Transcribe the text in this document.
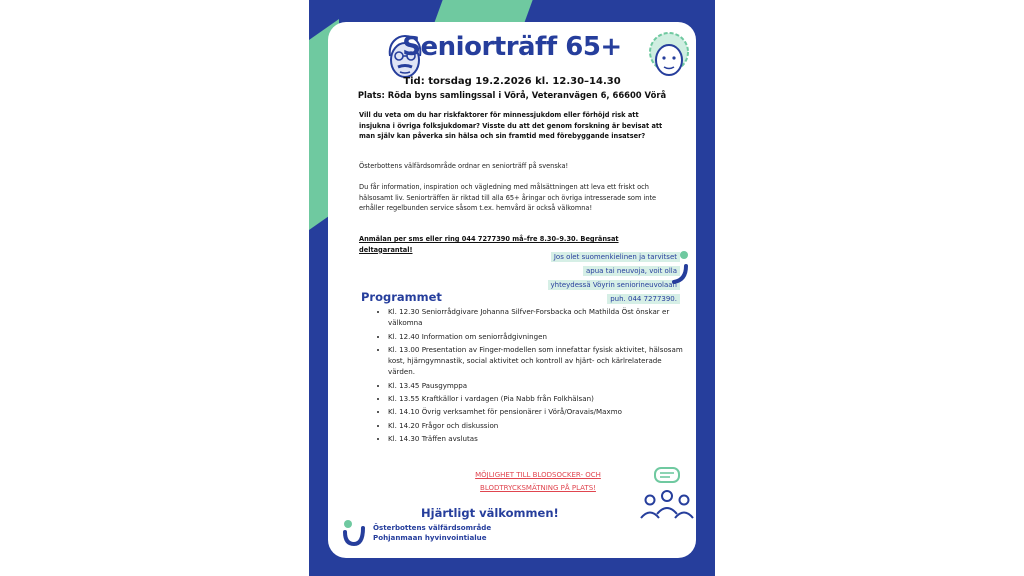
Seniorträff 65+
Tid: torsdag 19.2.2026 kl. 12.30–14.30
Plats: Röda byns samlingssal i Vörå, Veteranvägen 6, 66600 Vörå
Vill du veta om du har riskfaktorer för minnessjukdom eller förhöjd risk att insjukna i övriga folksjukdomar? Visste du att det genom forskning är bevisat att man själv kan påverka sin hälsa och sin framtid med förebyggande insatser?
Österbottens välfärdsområde ordnar en seniorträff på svenska!
Du får information, inspiration och vägledning med målsättningen att leva ett friskt och hälsosamt liv. Seniorträffen är riktad till alla 65+ åringar och övriga intresserade som inte erhåller regelbunden service såsom t.ex. hemvård är också välkomna!
Anmälan per sms eller ring 044 7277390 må–fre 8.30–9.30. Begränsat deltagarantal!
Jos olet suomenkielinen ja tarvitset
apua tai neuvoja, voit olla
yhteydessä Vöyrin seniorineuvolaan
puh. 044 7277390.
Programmet
• Kl. 12.30 Seniorrådgivare Johanna Silfver-Forsbacka och Mathilda Öst önskar er välkomna
• Kl. 12.40 Information om seniorrådgivningen
• Kl. 13.00 Presentation av Finger-modellen som innefattar fysisk aktivitet, hälsosam kost, hjärngymnastik, social aktivitet och kontroll av hjärt- och kärlrelaterade värden.
• Kl. 13.45 Pausgymppa
• Kl. 13.55 Kraftkällor i vardagen (Pia Nabb från Folkhälsan)
• Kl. 14.10 Övrig verksamhet för pensionärer i Vörå/Oravais/Maxmo
• Kl. 14.20 Frågor och diskussion
• Kl. 14.30 Träffen avslutas
MÖJLIGHET TILL BLODSOCKER- OCH
BLODTRYCKSMÄTNING PÅ PLATS!
Hjärtligt välkommen!
Österbottens välfärdsområde
Pohjanmaan hyvinvointialue
